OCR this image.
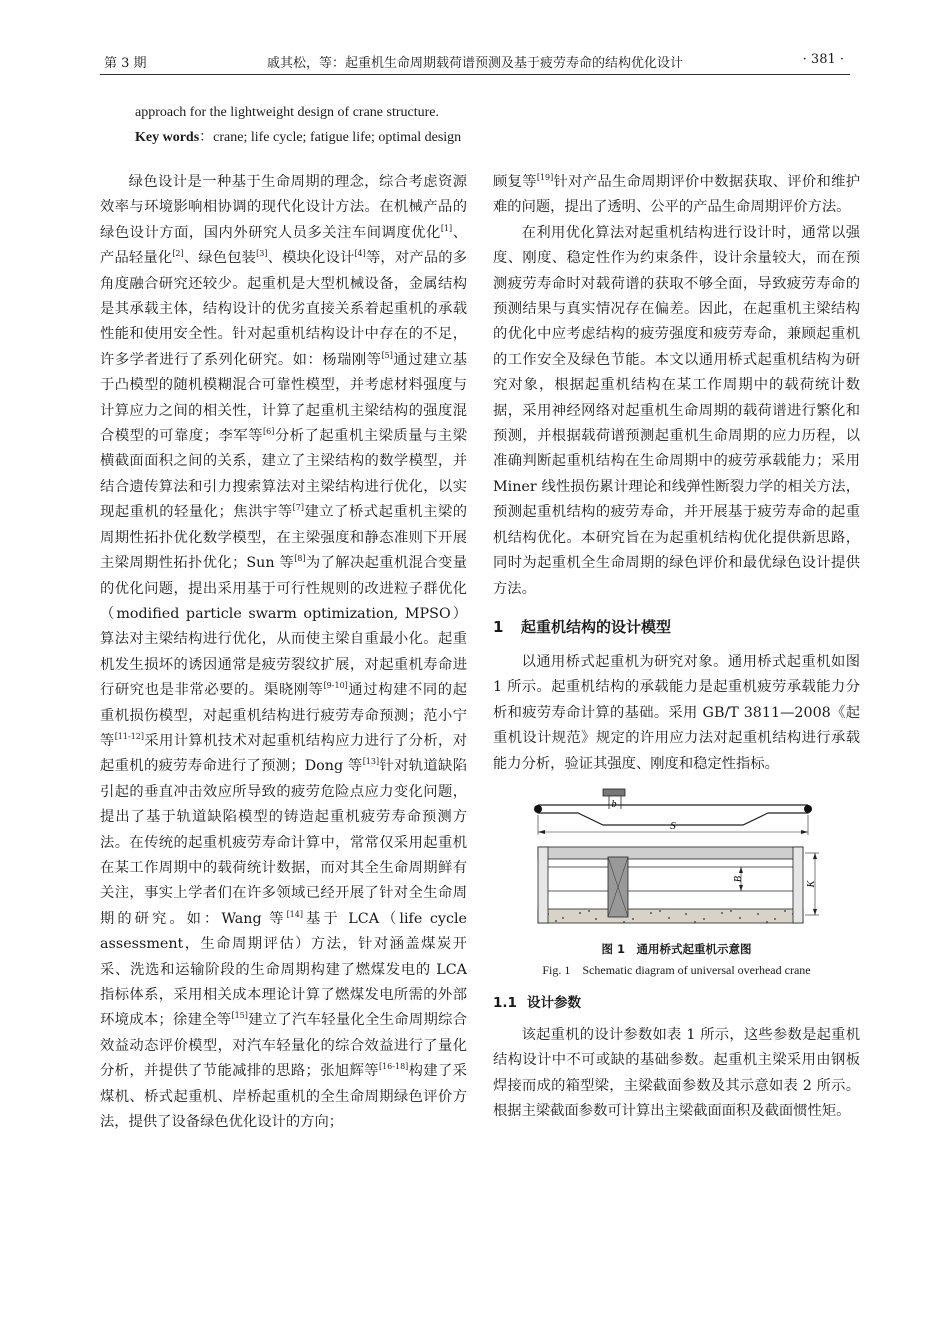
第 3 期	戚其松，等：起重机生命周期载荷谱预测及基于疲劳寿命的结构优化设计	· 381 ·
approach for the lightweight design of crane structure.
Key words：crane; life cycle; fatigue life; optimal design

绿色设计是一种基于生命周期的理念，综合考虑资源效率与环境影响相协调的现代化设计方法。在机械产品的绿色设计方面，国内外研究人员多关注车间调度优化[1]、产品轻量化[2]、绿色包装[3]、模块化设计[4]等，对产品的多角度融合研究还较少。起重机是大型机械设备，金属结构是其承载主体，结构设计的优劣直接关系着起重机的承载性能和使用安全性。针对起重机结构设计中存在的不足，许多学者进行了系列化研究。如：杨瑞刚等[5]通过建立基于凸模型的随机模糊混合可靠性模型，并考虑材料强度与计算应力之间的相关性，计算了起重机主梁结构的强度混合模型的可靠度；李军等[6]分析了起重机主梁质量与主梁横截面面积之间的关系，建立了主梁结构的数学模型，并结合遗传算法和引力搜索算法对主梁结构进行优化，以实现起重机的轻量化；焦洪宇等[7]建立了桥式起重机主梁的周期性拓扑优化数学模型，在主梁强度和静态准则下开展主梁周期性拓扑优化；Sun 等[8]为了解决起重机混合变量的优化问题，提出采用基于可行性规则的改进粒子群优化（modified particle swarm optimization, MPSO）算法对主梁结构进行优化，从而使主梁自重最小化。起重机发生损坏的诱因通常是疲劳裂纹扩展，对起重机寿命进行研究也是非常必要的。渠晓刚等[9-10]通过构建不同的起重机损伤模型，对起重机结构进行疲劳寿命预测；范小宁等[11-12]采用计算机技术对起重机结构应力进行了分析，对起重机的疲劳寿命进行了预测；Dong 等[13]针对轨道缺陷引起的垂直冲击效应所导致的疲劳危险点应力变化问题，提出了基于轨道缺陷模型的铸造起重机疲劳寿命预测方法。在传统的起重机疲劳寿命计算中，常常仅采用起重机在某工作周期中的载荷统计数据，而对其全生命周期鲜有关注，事实上学者们在许多领域已经开展了针对全生命周期的研究。如：Wang 等[14]基于 LCA（life cycle assessment，生命周期评估）方法，针对涵盖煤炭开采、洗选和运输阶段的生命周期构建了燃煤发电的 LCA 指标体系，采用相关成本理论计算了燃煤发电所需的外部环境成本；徐建全等[15]建立了汽车轻量化全生命周期综合效益动态评价模型，对汽车轻量化的综合效益进行了量化分析，并提供了节能减排的思路；张旭辉等[16-18]构建了采煤机、桥式起重机、岸桥起重机的全生命周期绿色评价方法，提供了设备绿色优化设计的方向；

顾复等[19]针对产品生命周期评价中数据获取、评价和维护难的问题，提出了透明、公平的产品生命周期评价方法。

在利用优化算法对起重机结构进行设计时，通常以强度、刚度、稳定性作为约束条件，设计余量较大，而在预测疲劳寿命时对载荷谱的获取不够全面，导致疲劳寿命的预测结果与真实情况存在偏差。因此，在起重机主梁结构的优化中应考虑结构的疲劳强度和疲劳寿命，兼顾起重机的工作安全及绿色节能。本文以通用桥式起重机结构为研究对象，根据起重机结构在某工作周期中的载荷统计数据，采用神经网络对起重机生命周期的载荷谱进行繁化和预测，并根据载荷谱预测起重机生命周期的应力历程，以准确判断起重机结构在生命周期中的疲劳承载能力；采用 Miner 线性损伤累计理论和线弹性断裂力学的相关方法，预测起重机结构的疲劳寿命，并开展基于疲劳寿命的起重机结构优化。本研究旨在为起重机结构优化提供新思路，同时为起重机全生命周期的绿色评价和最优绿色设计提供方法。

1 起重机结构的设计模型

以通用桥式起重机为研究对象。通用桥式起重机如图 1 所示。起重机结构的承载能力是起重机疲劳承载能力分析和疲劳寿命计算的基础。采用 GB/T 3811—2008《起重机设计规范》规定的许用应力法对起重机结构进行承载能力分析，验证其强度、刚度和稳定性指标。

b
S
B
K
图 1　通用桥式起重机示意图
Fig. 1　Schematic diagram of universal overhead crane
1.1 设计参数

该起重机的设计参数如表 1 所示，这些参数是起重机结构设计中不可或缺的基础参数。起重机主梁采用由钢板焊接而成的箱型梁，主梁截面参数及其示意如表 2 所示。根据主梁截面参数可计算出主梁截面面积及截面惯性矩。
